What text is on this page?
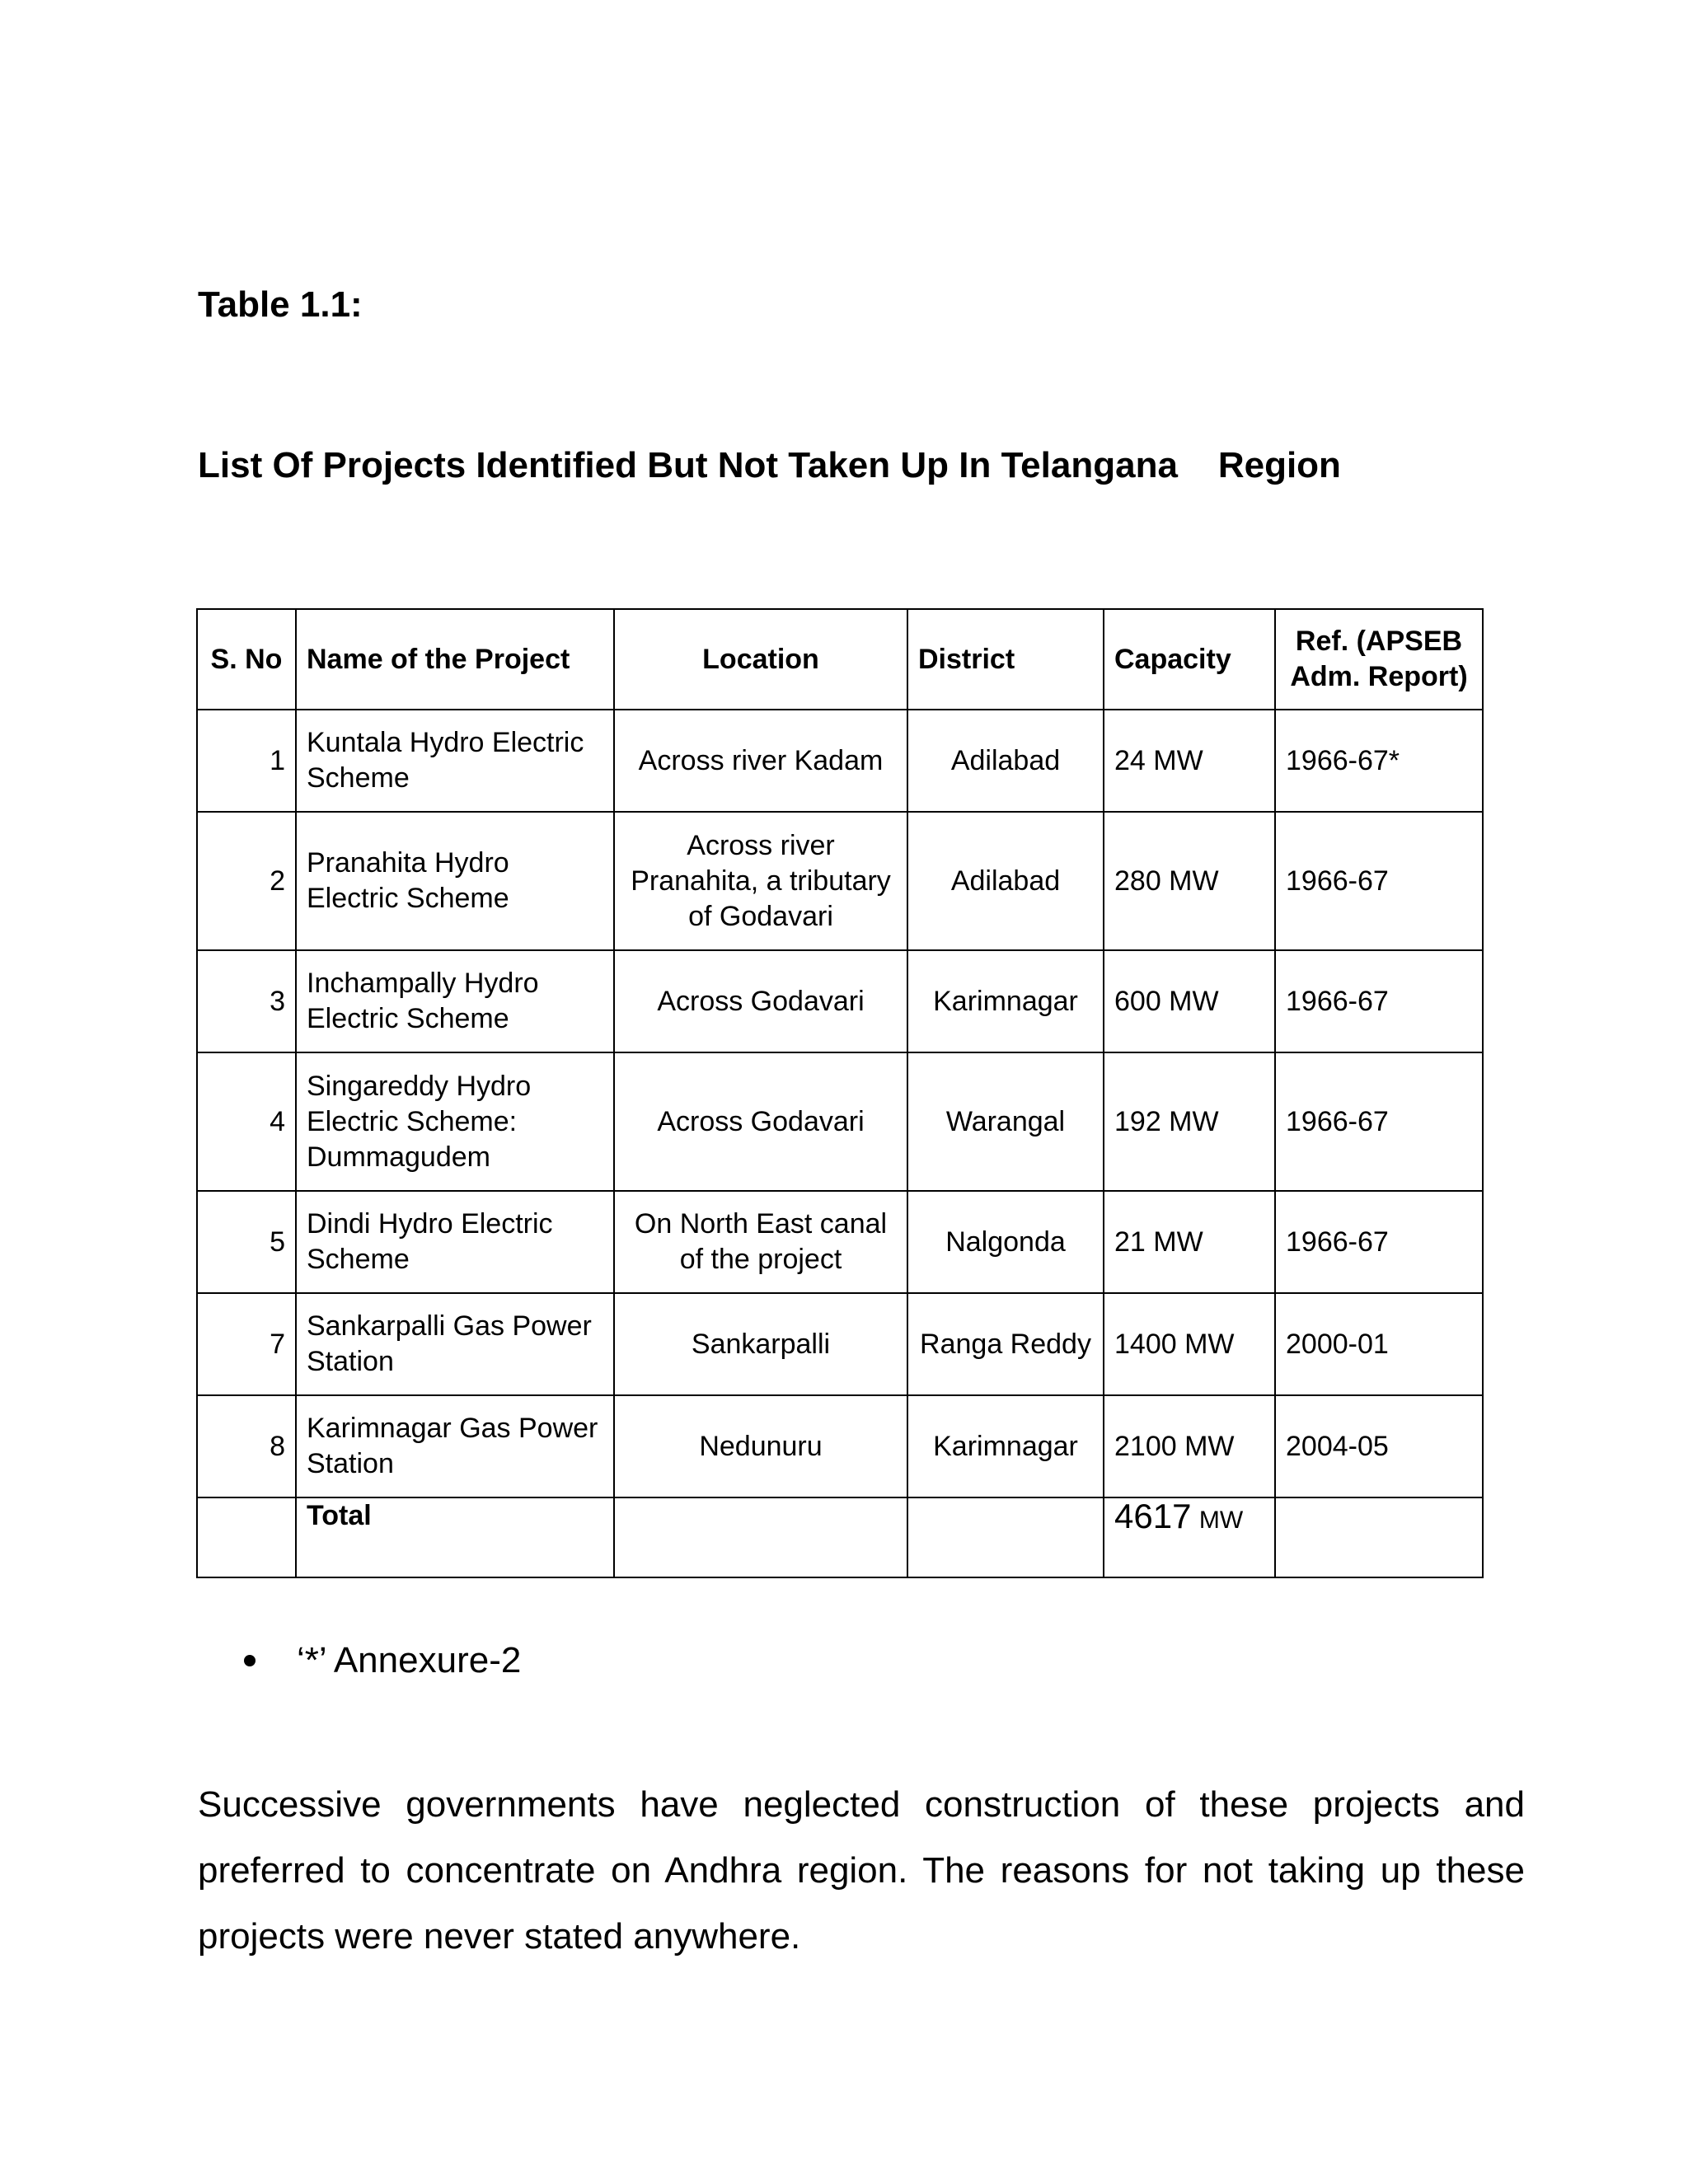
Table 1.1:
List Of Projects Identified But Not Taken Up In Telangana    Region
S. No	Name of the Project	Location	District	Capacity	Ref. (APSEB Adm. Report)
1	Kuntala Hydro Electric Scheme	Across river Kadam	Adilabad	24 MW	1966-67*
2	Pranahita Hydro Electric Scheme	Across river Pranahita, a tributary of Godavari	Adilabad	280 MW	1966-67
3	Inchampally Hydro Electric Scheme	Across Godavari	Karimnagar	600 MW	1966-67
4	Singareddy Hydro Electric Scheme: Dummagudem	Across Godavari	Warangal	192 MW	1966-67
5	Dindi Hydro Electric Scheme	On North East canal of the project	Nalgonda	21 MW	1966-67
7	Sankarpalli Gas Power Station	Sankarpalli	Ranga Reddy	1400 MW	2000-01
8	Karimnagar Gas Power Station	Nedunuru	Karimnagar	2100 MW	2004-05
	Total			4617 MW	
‘*’ Annexure-2

Successive governments have neglected construction of these projects and preferred to concentrate on Andhra region. The reasons for not taking up these projects were never stated anywhere.
